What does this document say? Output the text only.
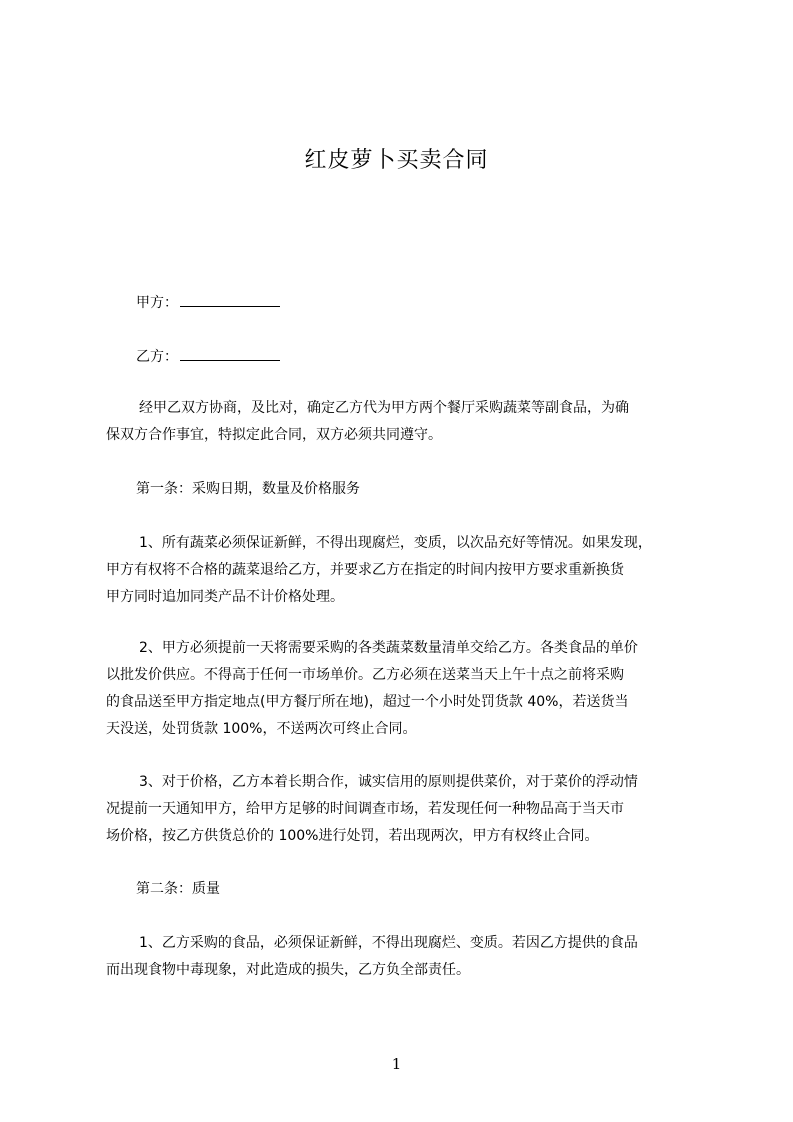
红皮萝卜买卖合同
甲方：
乙方：
经甲乙双方协商，及比对，确定乙方代为甲方两个餐厅采购蔬菜等副食品，为确
保双方合作事宜，特拟定此合同，双方必须共同遵守。
第一条：采购日期，数量及价格服务
1、所有蔬菜必须保证新鲜，不得出现腐烂，变质，以次品充好等情况。如果发现，
甲方有权将不合格的蔬菜退给乙方，并要求乙方在指定的时间内按甲方要求重新换货
甲方同时追加同类产品不计价格处理。
2、甲方必须提前一天将需要采购的各类蔬菜数量清单交给乙方。各类食品的单价
以批发价供应。不得高于任何一市场单价。乙方必须在送菜当天上午十点之前将采购
的食品送至甲方指定地点(甲方餐厅所在地)，超过一个小时处罚货款 40%，若送货当
天没送，处罚货款 100%，不送两次可终止合同。
3、对于价格，乙方本着长期合作，诚实信用的原则提供菜价，对于菜价的浮动情
况提前一天通知甲方，给甲方足够的时间调查市场，若发现任何一种物品高于当天市
场价格，按乙方供货总价的 100%进行处罚，若出现两次，甲方有权终止合同。
第二条：质量
1、乙方采购的食品，必须保证新鲜，不得出现腐烂、变质。若因乙方提供的食品
而出现食物中毒现象，对此造成的损失，乙方负全部责任。
1
